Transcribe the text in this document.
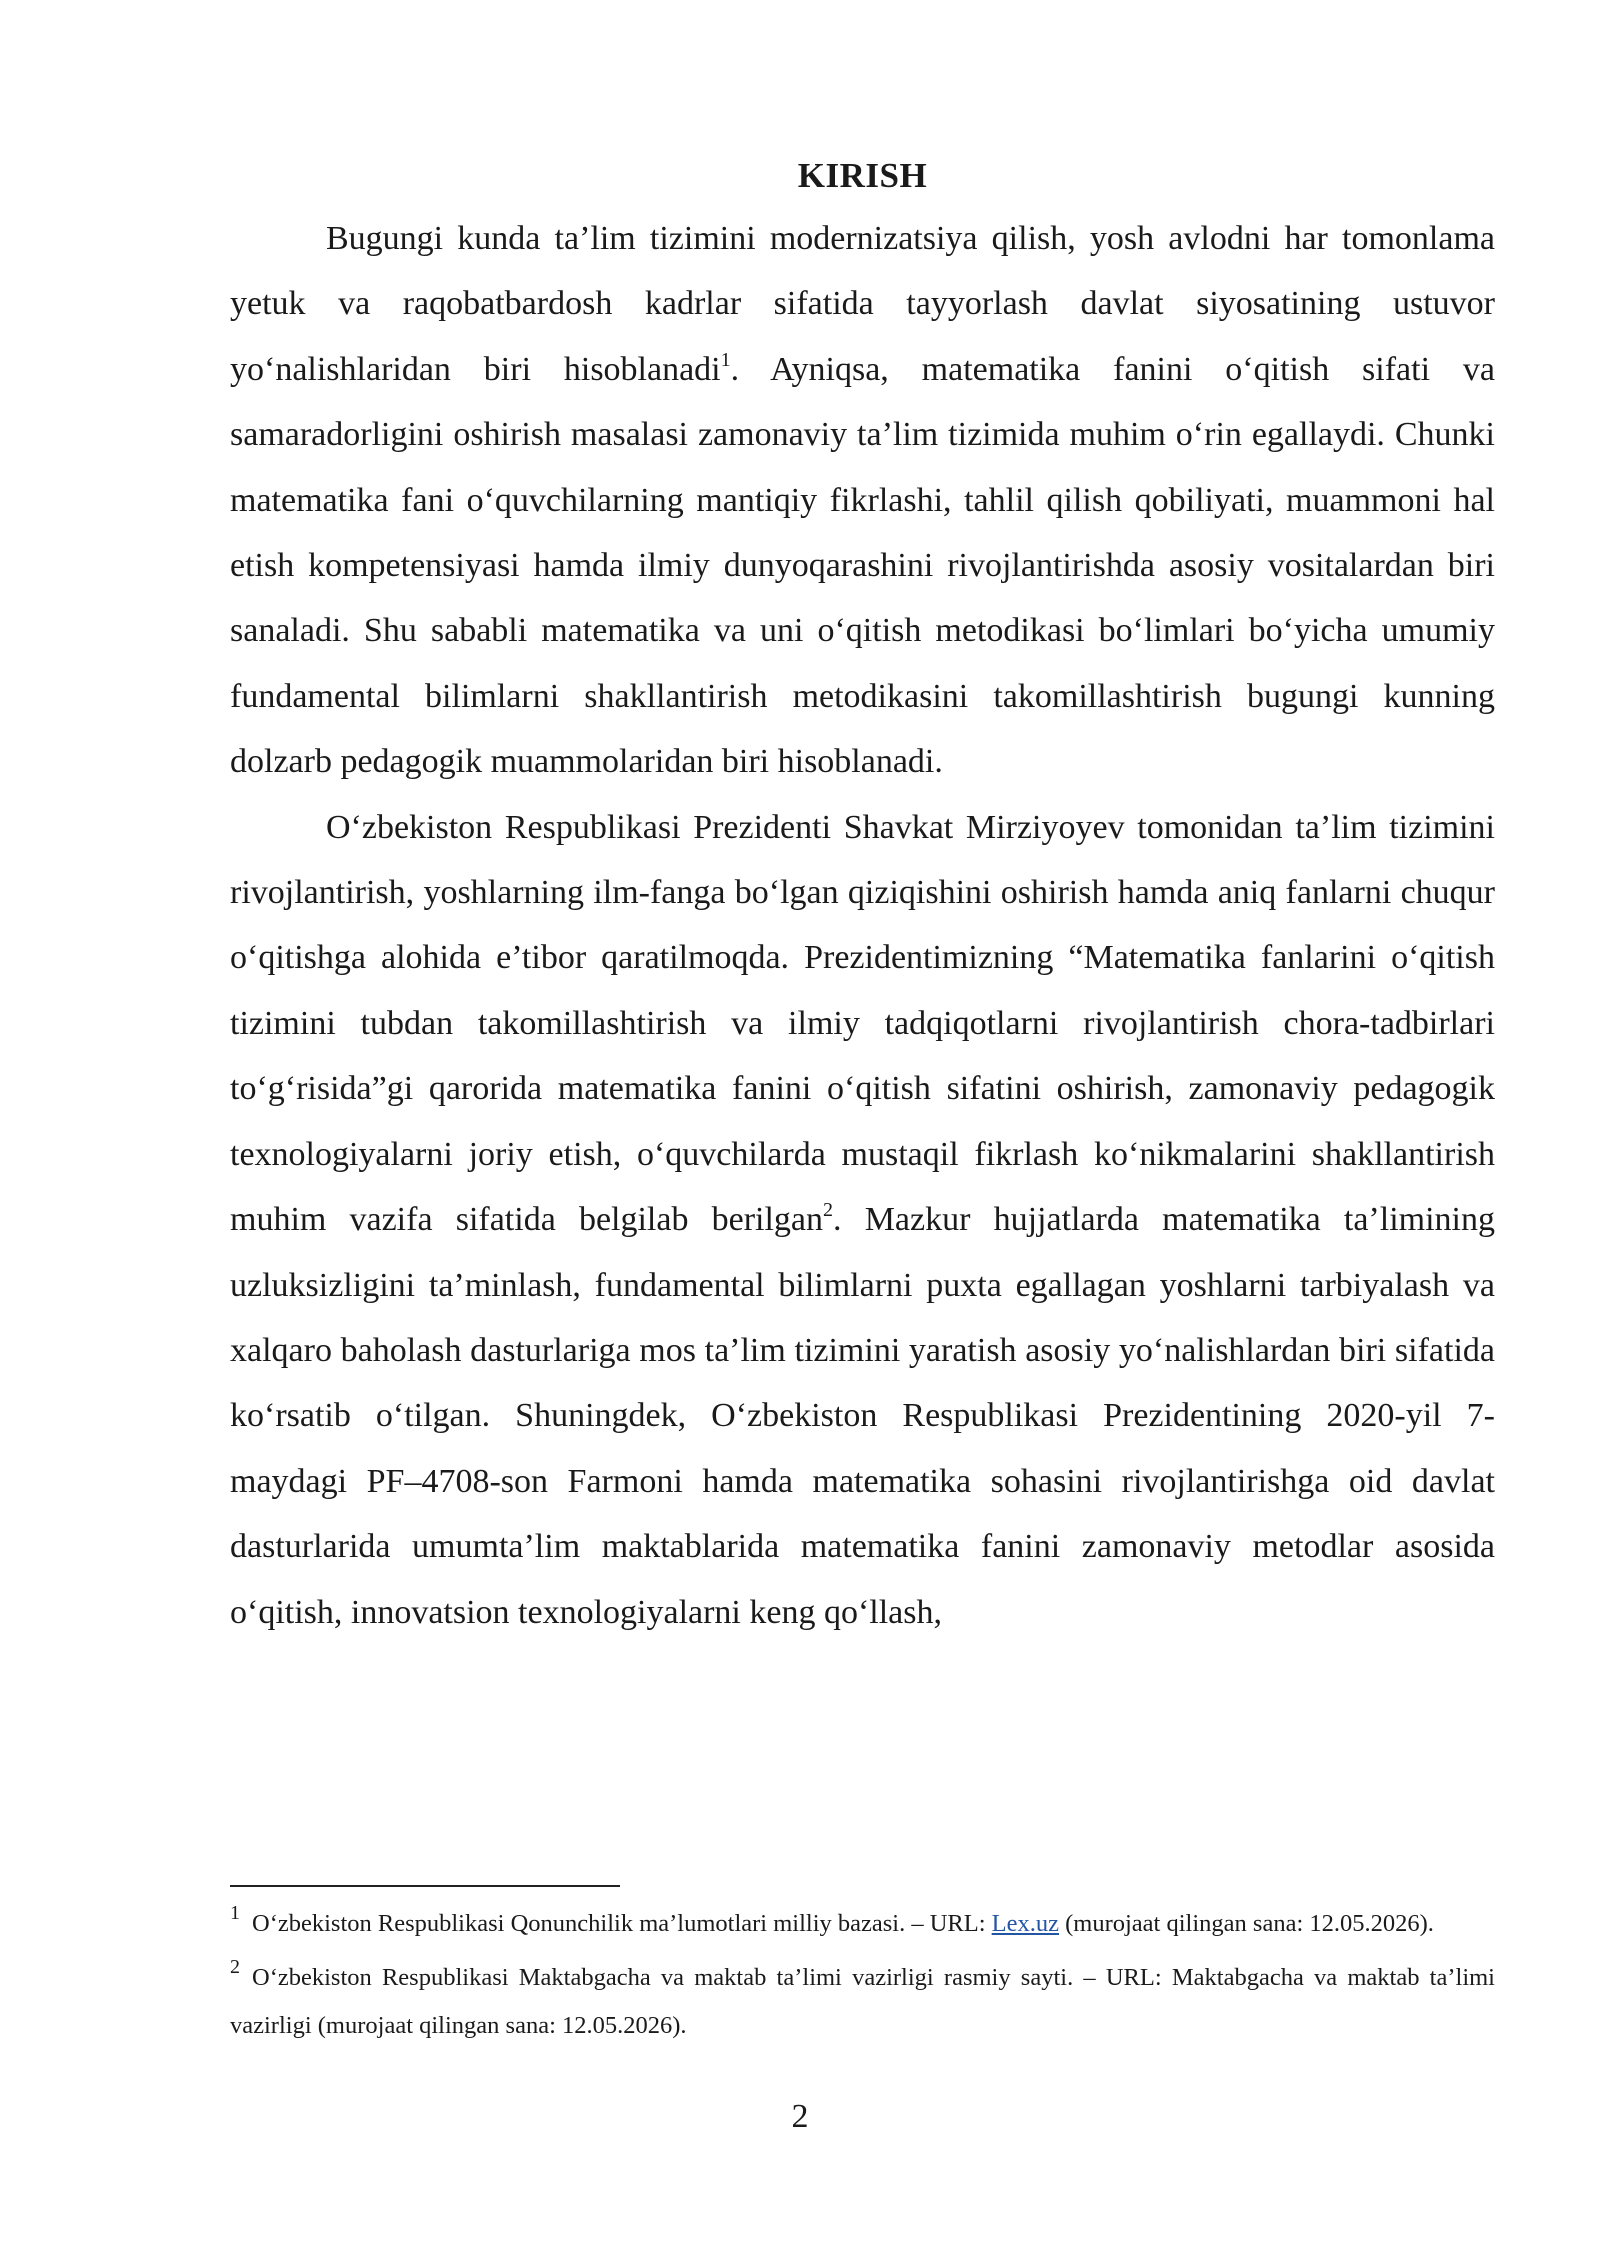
KIRISH

Bugungi kunda ta’lim tizimini modernizatsiya qilish, yosh avlodni har tomonlama yetuk va raqobatbardosh kadrlar sifatida tayyorlash davlat siyosatining ustuvor yoʻnalishlaridan biri hisoblanadi$^1$. Ayniqsa, matematika fanini oʻqitish sifati va samaradorligini oshirish masalasi zamonaviy ta’lim tizimida muhim oʻrin egallaydi. Chunki matematika fani oʻquvchilarning mantiqiy fikrlashi, tahlil qilish qobiliyati, muammoni hal etish kompetensiyasi hamda ilmiy dunyoqarashini rivojlantirishda asosiy vositalardan biri sanaladi. Shu sababli matematika va uni oʻqitish metodikasi boʻlimlari boʻyicha umumiy fundamental bilimlarni shakllantirish metodikasini takomillashtirish bugungi kunning dolzarb pedagogik muammolaridan biri hisoblanadi.

Oʻzbekiston Respublikasi Prezidenti Shavkat Mirziyoyev tomonidan ta’lim tizimini rivojlantirish, yoshlarning ilm-fanga boʻlgan qiziqishini oshirish hamda aniq fanlarni chuqur oʻqitishga alohida e’tibor qaratilmoqda. Prezidentimizning “Matematika fanlarini oʻqitish tizimini tubdan takomillashtirish va ilmiy tadqiqotlarni rivojlantirish chora-tadbirlari toʻgʻrisida”gi qarorida matematika fanini oʻqitish sifatini oshirish, zamonaviy pedagogik texnologiyalarni joriy etish, oʻquvchilarda mustaqil fikrlash koʻnikmalarini shakllantirish muhim vazifa sifatida belgilab berilgan$^2$. Mazkur hujjatlarda matematika ta’limining uzluksizligini ta’minlash, fundamental bilimlarni puxta egallagan yoshlarni tarbiyalash va xalqaro baholash dasturlariga mos ta’lim tizimini yaratish asosiy yoʻnalishlardan biri sifatida koʻrsatib oʻtilgan. Shuningdek, Oʻzbekiston Respublikasi Prezidentining 2020-yil 7-maydagi PF–4708-son Farmoni hamda matematika sohasini rivojlantirishga oid davlat dasturlarida umumta’lim maktablarida matematika fanini zamonaviy metodlar asosida oʻqitish, innovatsion texnologiyalarni keng qoʻllash,

$^1$ Oʻzbekiston Respublikasi Qonunchilik ma’lumotlari milliy bazasi. – URL: Lex.uz (murojaat qilingan sana: 12.05.2026).

$^2$ Oʻzbekiston Respublikasi Maktabgacha va maktab ta’limi vazirligi rasmiy sayti. – URL: Maktabgacha va maktab ta’limi vazirligi (murojaat qilingan sana: 12.05.2026).

2
